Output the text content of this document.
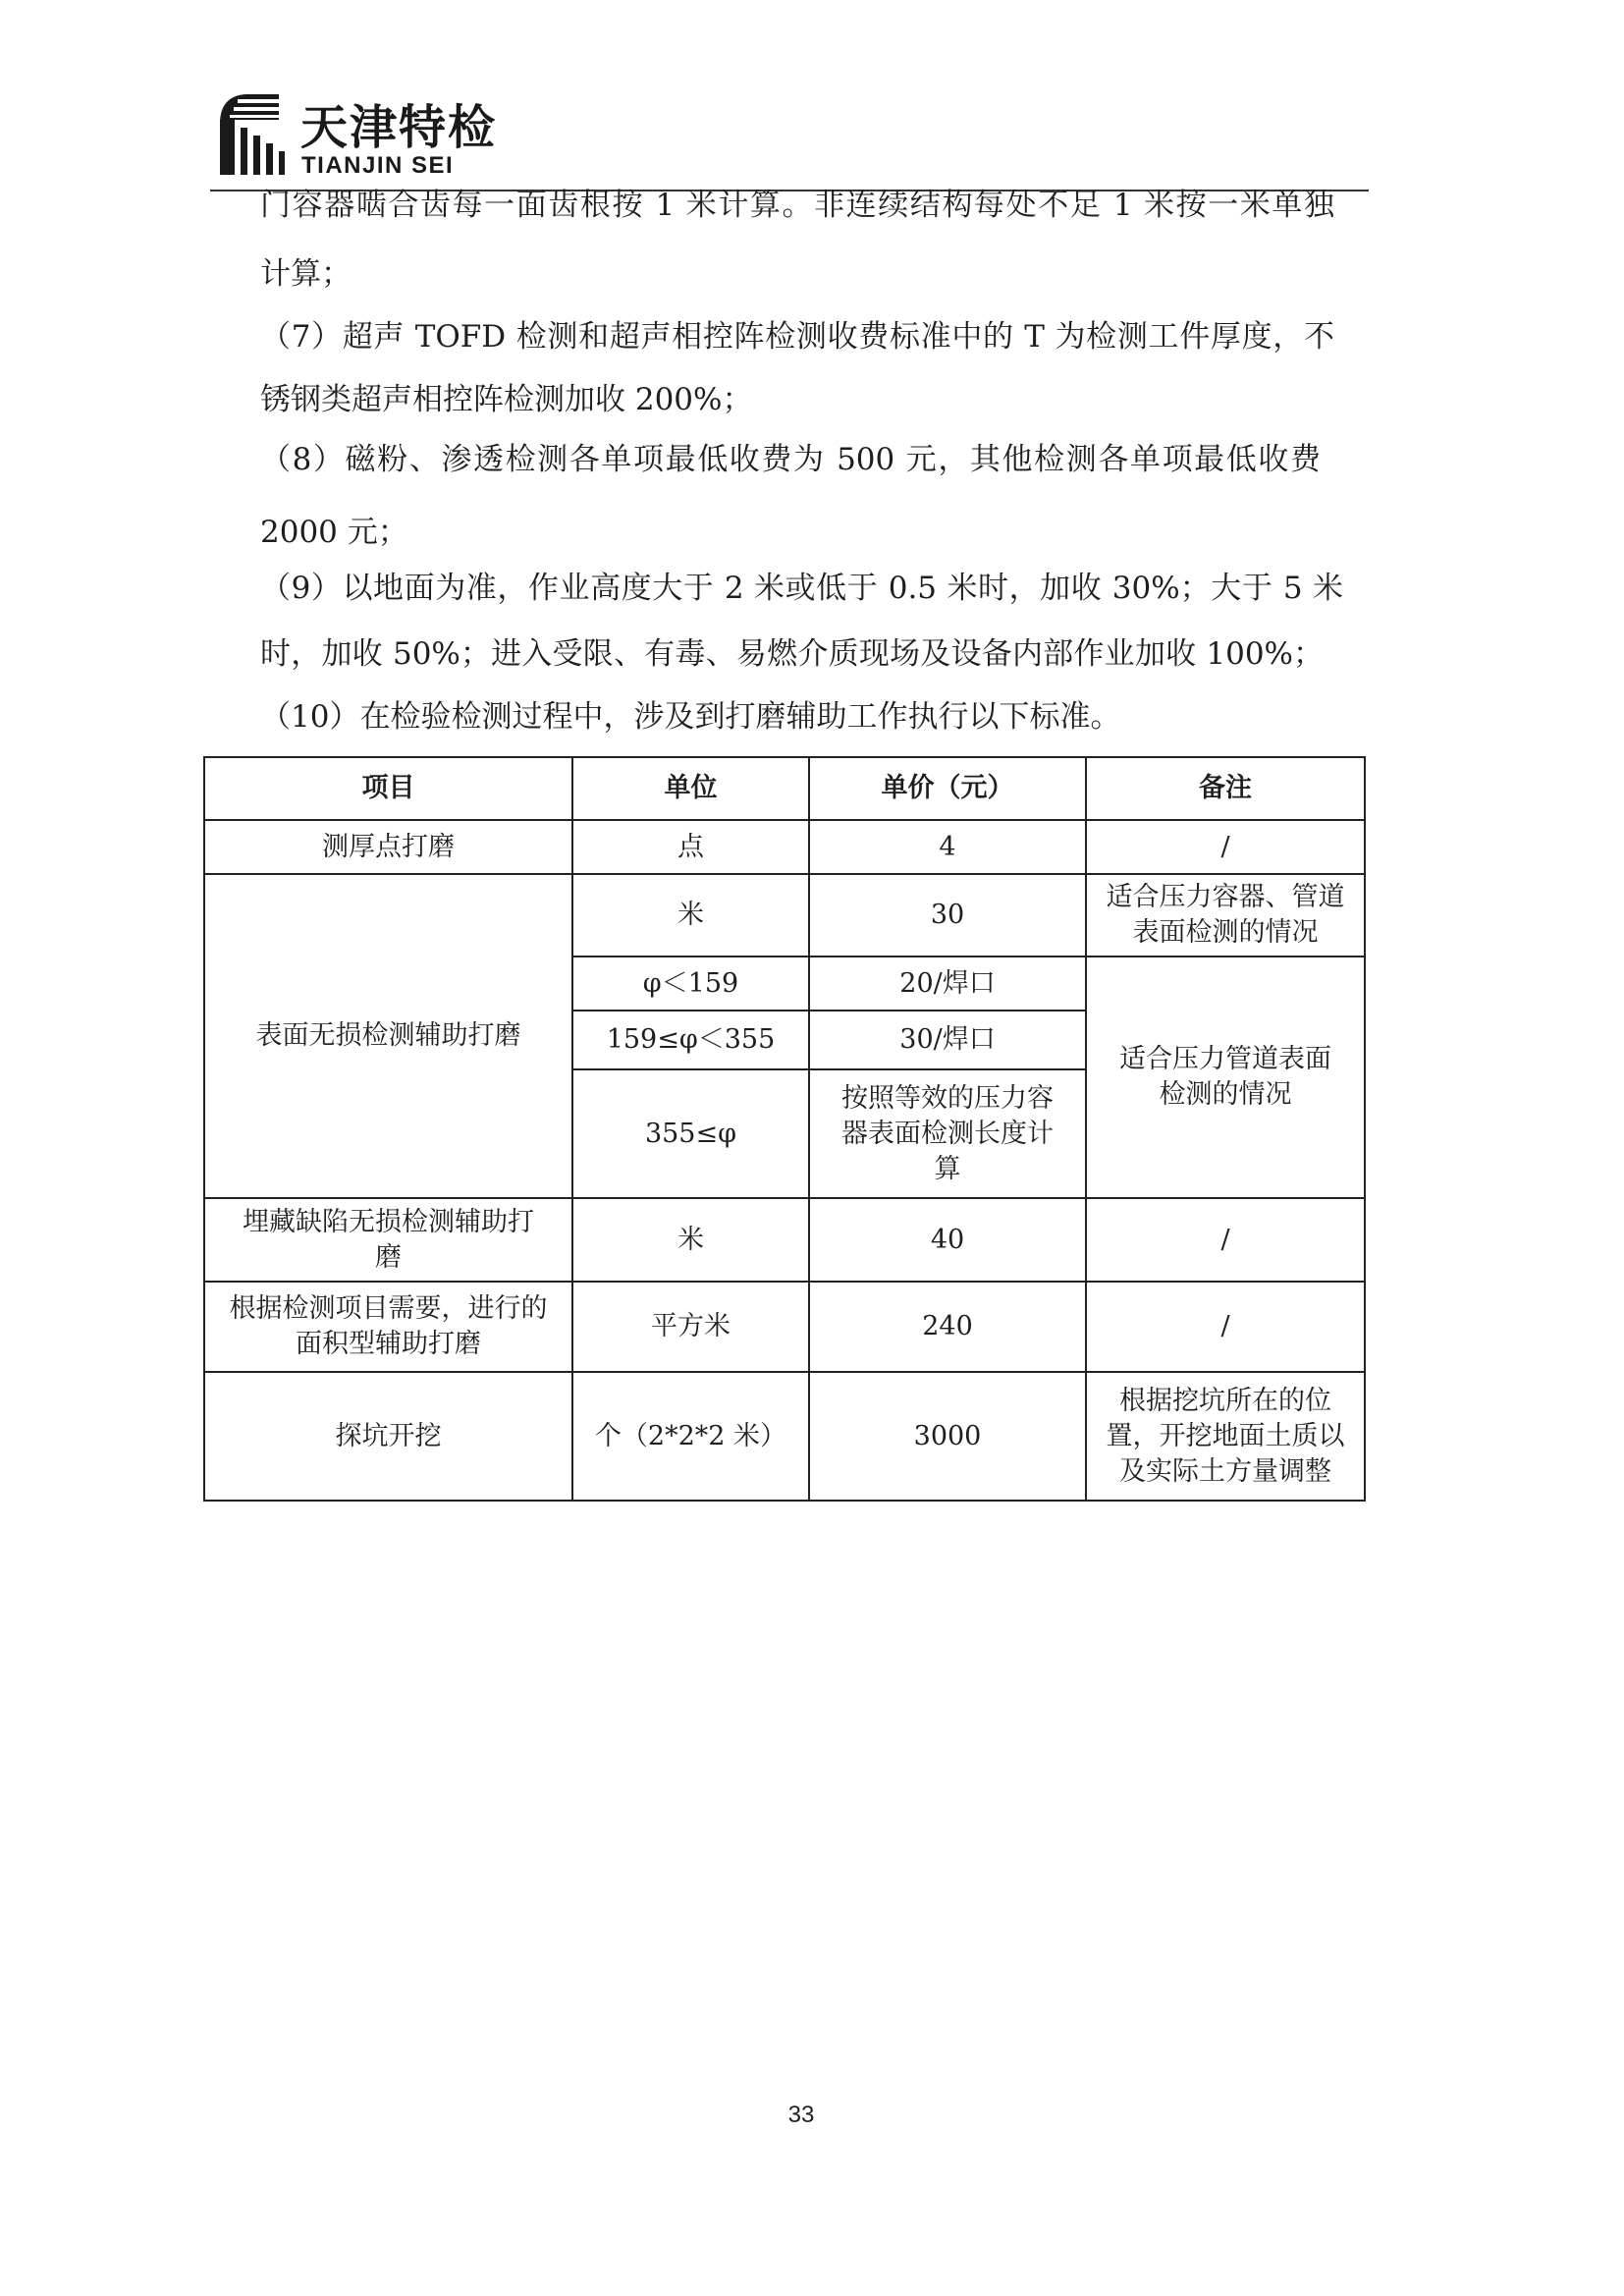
天津特检
TIANJIN SEI
门容器啮合齿每一面齿根按 1 米计算。非连续结构每处不足 1 米按一米单独
计算；
（7）超声 TOFD 检测和超声相控阵检测收费标准中的 T 为检测工件厚度，不
锈钢类超声相控阵检测加收 200%；
（8）磁粉、渗透检测各单项最低收费为 500 元，其他检测各单项最低收费
2000 元；
（9）以地面为准，作业高度大于 2 米或低于 0.5 米时，加收 30%；大于 5 米
时，加收 50%；进入受限、有毒、易燃介质现场及设备内部作业加收 100%；
（10）在检验检测过程中，涉及到打磨辅助工作执行以下标准。
项目	单位	单价（元）	备注
测厚点打磨	点	4	/
表面无损检测辅助打磨	米	30	适合压力容器、管道表面检测的情况
	φ＜159	20/焊口	适合压力管道表面检测的情况
	159≤φ＜355	30/焊口	
	355≤φ	按照等效的压力容器表面检测长度计算	
埋藏缺陷无损检测辅助打磨	米	40	/
根据检测项目需要，进行的面积型辅助打磨	平方米	240	/
探坑开挖	个（2*2*2 米）	3000	根据挖坑所在的位置，开挖地面土质以及实际土方量调整
33
